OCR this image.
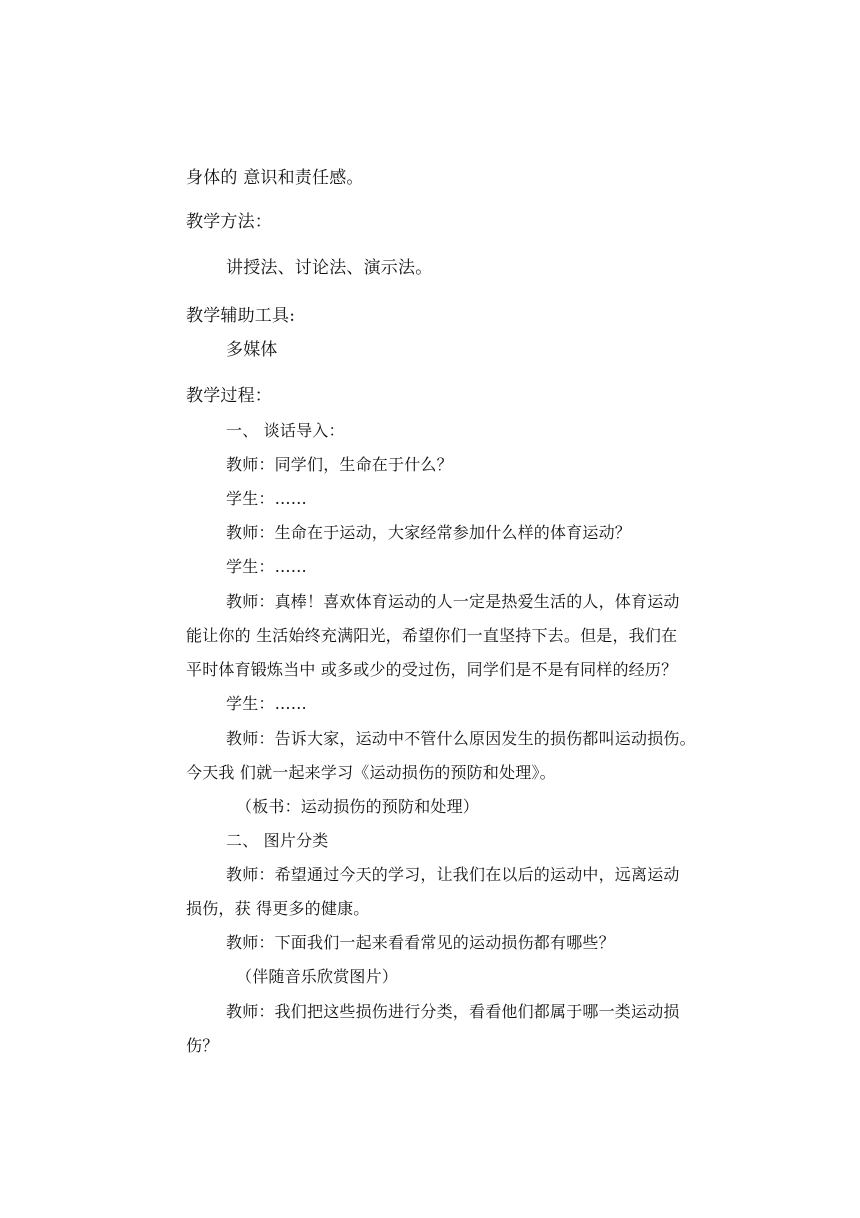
身体的 意识和责任感。
教学方法：
讲授法、讨论法、演示法。
教学辅助工具:
多媒体
教学过程：
一、 谈话导入：
教师：同学们，生命在于什么？
学生：……
教师：生命在于运动，大家经常参加什么样的体育运动？
学生：……
教师：真棒！喜欢体育运动的人一定是热爱生活的人，体育运动
能让你的 生活始终充满阳光，希望你们一直坚持下去。但是，我们在
平时体育锻炼当中 或多或少的受过伤，同学们是不是有同样的经历？
学生：……
教师：告诉大家，运动中不管什么原因发生的损伤都叫运动损伤。
今天我 们就一起来学习《运动损伤的预防和处理》。
（板书：运动损伤的预防和处理）
二、 图片分类
教师：希望通过今天的学习，让我们在以后的运动中，远离运动
损伤，获 得更多的健康。
教师：下面我们一起来看看常见的运动损伤都有哪些？
（伴随音乐欣赏图片）
教师：我们把这些损伤进行分类，看看他们都属于哪一类运动损
伤？
